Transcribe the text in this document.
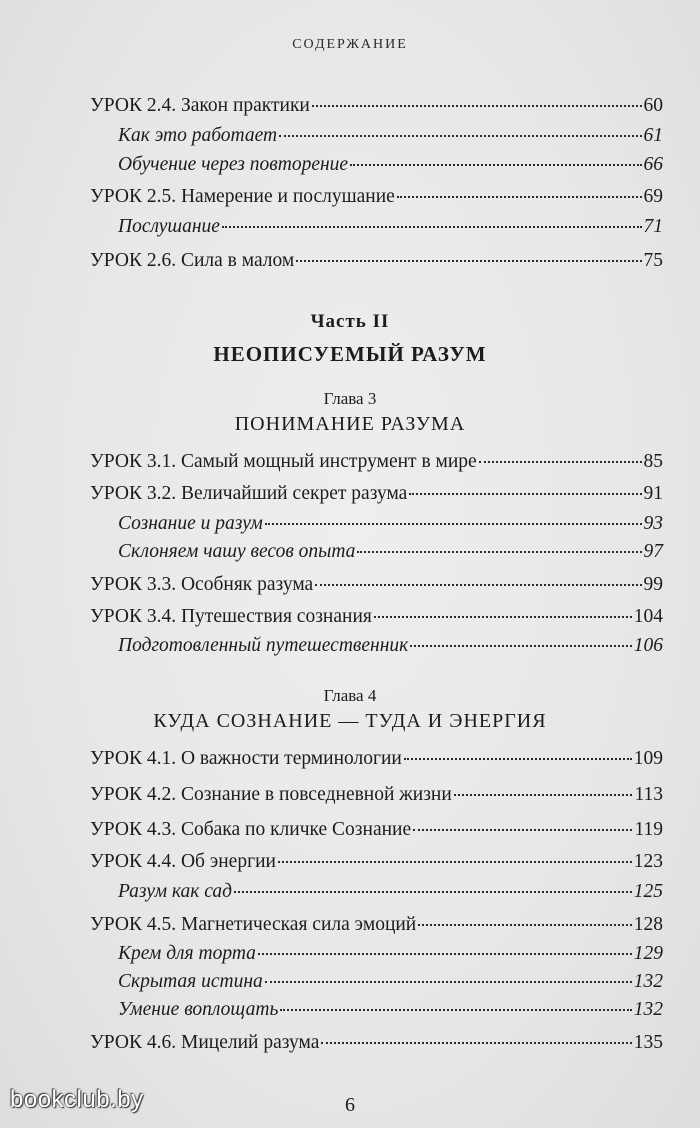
СОДЕРЖАНИЕ
УРОК 2.4. Закон практики	60
Как это работает	61
Обучение через повторение	66
УРОК 2.5. Намерение и послушание	69
Послушание	71
УРОК 2.6. Сила в малом	75
Часть II
НЕОПИСУЕМЫЙ РАЗУМ
Глава 3
ПОНИМАНИЕ РАЗУМА
УРОК 3.1. Самый мощный инструмент в мире	85
УРОК 3.2. Величайший секрет разума	91
Сознание и разум	93
Склоняем чашу весов опыта	97
УРОК 3.3. Особняк разума	99
УРОК 3.4. Путешествия сознания	104
Подготовленный путешественник	106
Глава 4
КУДА СОЗНАНИЕ — ТУДА И ЭНЕРГИЯ
УРОК 4.1. О важности терминологии	109
УРОК 4.2. Сознание в повседневной жизни	113
УРОК 4.3. Собака по кличке Сознание	119
УРОК 4.4. Об энергии	123
Разум как сад	125
УРОК 4.5. Магнетическая сила эмоций	128
Крем для торта	129
Скрытая истина	132
Умение воплощать	132
УРОК 4.6. Мицелий разума	135
6
bookclub.by
